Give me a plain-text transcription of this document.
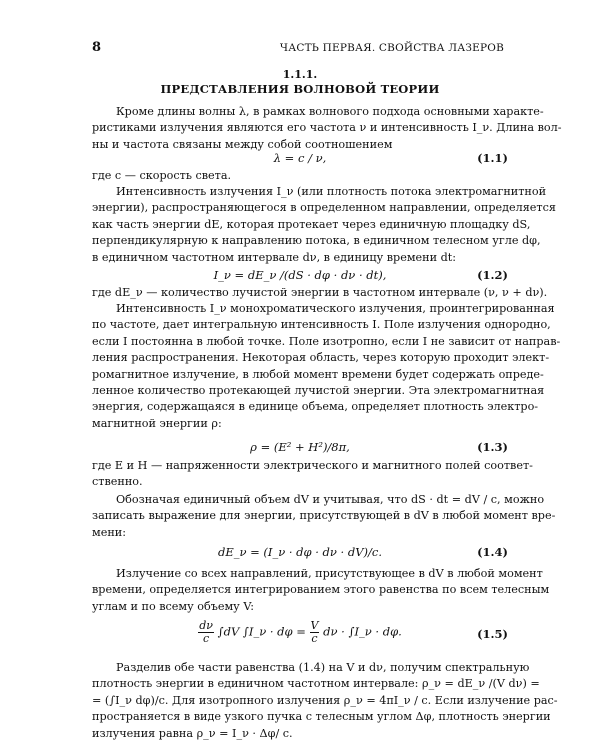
8	ЧАСТЬ ПЕРВАЯ. СВОЙСТВА ЛАЗЕРОВ
1.1.1.
ПРЕДСТАВЛЕНИЯ ВОЛНОВОЙ ТЕОРИИ
Кроме длины волны λ, в рамках волнового подхода основными характе-
ристиками излучения являются его частота ν и интенсивность I_ν. Длина вол-
ны и частота связаны между собой соотношением
λ = c / ν,	(1.1)
где c — скорость света.
Интенсивность излучения I_ν (или плотность потока электромагнитной
энергии), распространяющегося в определенном направлении, определяется
как часть энергии dE, которая протекает через единичную площадку dS,
перпендикулярную к направлению потока, в единичном телесном угле dφ,
в единичном частотном интервале dν, в единицу времени dt:
I_ν = dE_ν /(dS · dφ · dν · dt),	(1.2)
где dE_ν — количество лучистой энергии в частотном интервале (ν, ν + dν).
Интенсивность I_ν монохроматического излучения, проинтегрированная
по частоте, дает интегральную интенсивность I. Поле излучения однородно,
если I постоянна в любой точке. Поле изотропно, если I не зависит от направ-
ления распространения. Некоторая область, через которую проходит элект-
ромагнитное излучение, в любой момент времени будет содержать опреде-
ленное количество протекающей лучистой энергии. Эта электромагнитная
энергия, содержащаяся в единице объема, определяет плотность электро-
магнитной энергии ρ:
ρ = (E² + H²)/8π,	(1.3)
где E и H — напряженности электрического и магнитного полей соответ-
ственно.
Обозначая единичный объем dV и учитывая, что dS · dt = dV / c, можно
записать выражение для энергии, присутствующей в dV в любой момент вре-
мени:
dE_ν = (I_ν · dφ · dν · dV)/c.	(1.4)
Излучение со всех направлений, присутствующее в dV в любой момент
времени, определяется интегрированием этого равенства по всем телесным
углам и по всему объему V:
$\frac{d\nu}{c} \int dV$ ∫I_ν · $d\varphi = \frac{V}{c}$ dν · ∫I_ν · dφ.	(1.5)
Разделив обе части равенства (1.4) на V и dν, получим спектральную
плотность энергии в единичном частотном интервале: ρ_ν = dE_ν /(V dν) =
= (∫I_ν dφ)/c. Для изотропного излучения ρ_ν = 4πI_ν / c. Если излучение рас-
пространяется в виде узкого пучка с телесным углом Δφ, плотность энергии
излучения равна ρ_ν = I_ν · Δφ/ c.
